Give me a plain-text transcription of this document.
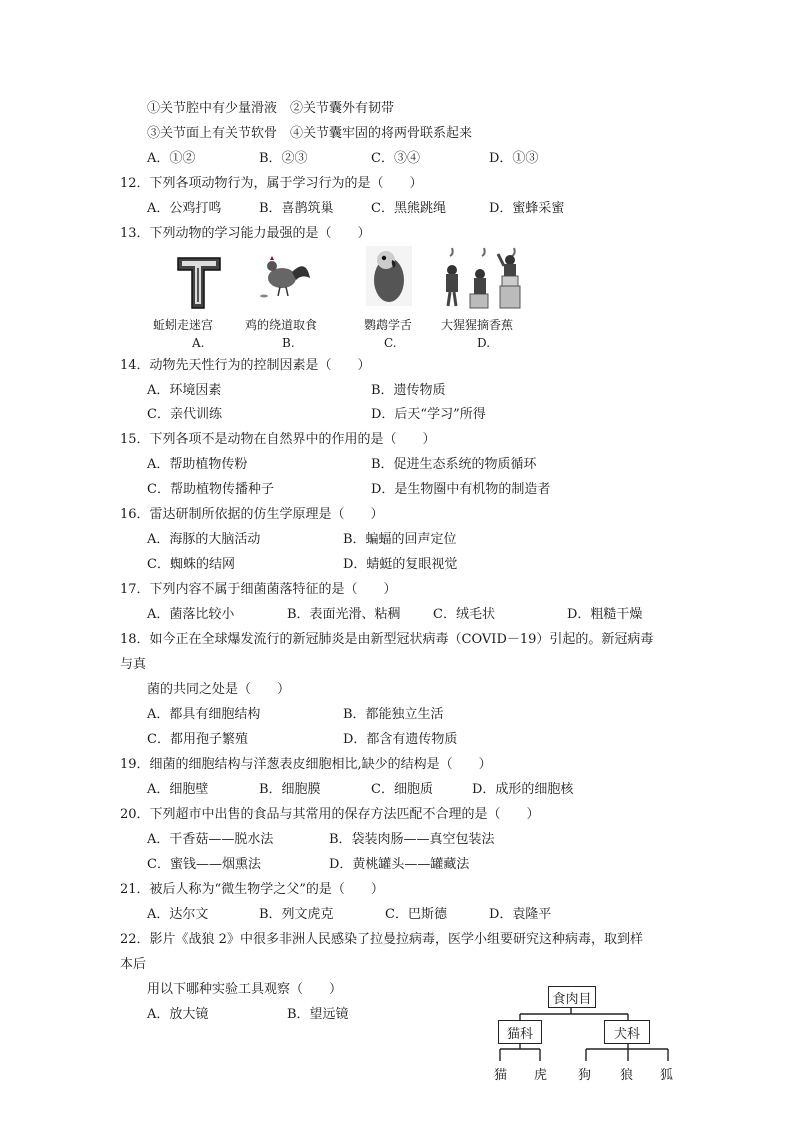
①关节腔中有少量滑液　②关节囊外有韧带
③关节面上有关节软骨　④关节囊牢固的将两骨联系起来
A．①②	B．②③	C．③④	D．①③
12．下列各项动物行为，属于学习行为的是（　　）
A．公鸡打鸣	B．喜鹊筑巢	C．黑熊跳绳	D．蜜蜂采蜜
13．下列动物的学习能力最强的是（　　）
蚯蚓走迷宫	鸡的绕道取食	鹦鹉学舌 大猩猩摘香蕉
A.	B.	C.	D.
14．动物先天性行为的控制因素是（　　）
A．环境因素	B．遗传物质
C．亲代训练	D．后天“学习”所得
15．下列各项不是动物在自然界中的作用的是（　　）
A．帮助植物传粉	B．促进生态系统的物质循环
C．帮助植物传播种子	D．是生物圈中有机物的制造者
16．雷达研制所依据的仿生学原理是（　　）
A．海豚的大脑活动	B．蝙蝠的回声定位
C．蜘蛛的结网	D．蜻蜓的复眼视觉
17．下列内容不属于细菌菌落特征的是（　　）
A．菌落比较小	B．表面光滑、粘稠 C．绒毛状	D．粗糙干燥
18．如今正在全球爆发流行的新冠肺炎是由新型冠状病毒（COVID－19）引起的。新冠病毒
与真
菌的共同之处是（　　）
A．都具有细胞结构	B．都能独立生活
C．都用孢子繁殖	D．都含有遗传物质
19．细菌的细胞结构与洋葱表皮细胞相比,缺少的结构是（　　）
A．细胞壁	B．细胞膜	C．细胞质	D．成形的细胞核
20．下列超市中出售的食品与其常用的保存方法匹配不合理的是（　　）
A．干香菇——脱水法	B．袋装肉肠——真空包装法
C．蜜钱——烟熏法	D．黄桃罐头——罐藏法
21．被后人称为“微生物学之父”的是（　　）
A．达尔文	B．列文虎克	C．巴斯德	D．袁隆平
22．影片《战狼 2》中很多非洲人民感染了拉曼拉病毒，医学小组要研究这种病毒，取到样
本后
用以下哪种实验工具观察（　　）
A．放大镜	B．望远镜
食肉目
猫科	犬科
猫 虎 狗 狼 狐
